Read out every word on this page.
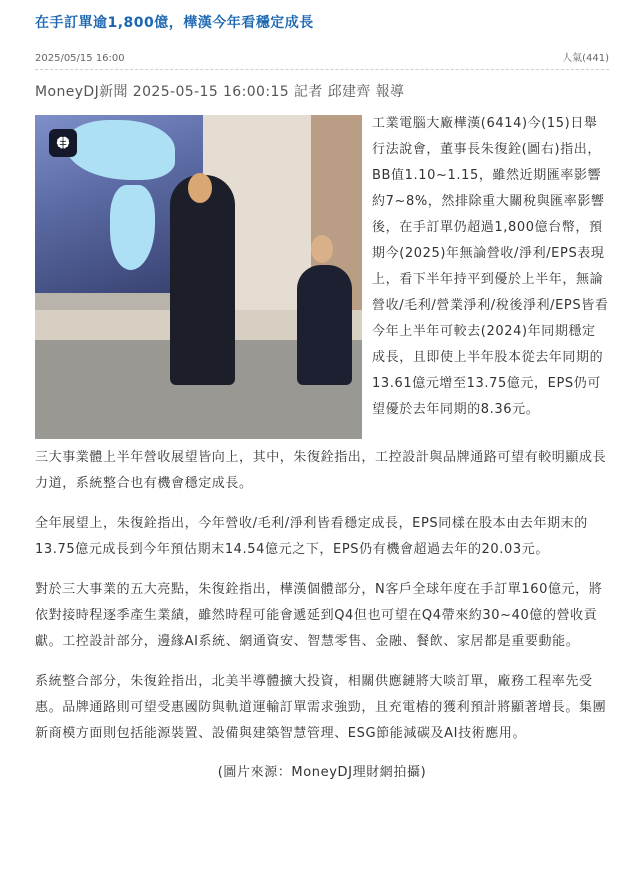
在手訂單逾1,800億，樺漢今年看穩定成長
2025/05/15 16:00	人氣(441)
MoneyDJ新聞 2025-05-15 16:00:15 記者 邱建齊 報導

工業電腦大廠樺漢(6414)今(15)日舉行法說會，董事長朱復銓(圖右)指出，BB值1.10~1.15，雖然近期匯率影響約7~8%，然排除重大關稅與匯率影響後，在手訂單仍超過1,800億台幣，預期今(2025)年無論營收/淨利/EPS表現上，看下半年持平到優於上半年，無論營收/毛利/營業淨利/稅後淨利/EPS皆看今年上半年可較去(2024)年同期穩定成長，且即使上半年股本從去年同期的13.61億元增至13.75億元，EPS仍可望優於去年同期的8.36元。

三大事業體上半年營收展望皆向上，其中，朱復銓指出，工控設計與品牌通路可望有較明顯成長力道，系統整合也有機會穩定成長。

全年展望上，朱復銓指出，今年營收/毛利/淨利皆看穩定成長，EPS同樣在股本由去年期末的13.75億元成長到今年預估期末14.54億元之下，EPS仍有機會超過去年的20.03元。

對於三大事業的五大亮點，朱復銓指出，樺漢個體部分，N客戶全球年度在手訂單160億元，將依對接時程逐季產生業績，雖然時程可能會遞延到Q4但也可望在Q4帶來約30~40億的營收貢獻。工控設計部分，邊緣AI系統、網通資安、智慧零售、金融、餐飲、家居都是重要動能。

系統整合部分，朱復銓指出，北美半導體擴大投資，相關供應鏈將大啖訂單，廠務工程率先受惠。品牌通路則可望受惠國防與軌道運輸訂單需求強勁，且充電樁的獲利預計將顯著增長。集團新商模方面則包括能源裝置、設備與建築智慧管理、ESG節能減碳及AI技術應用。

(圖片來源：MoneyDJ理財網拍攝)
